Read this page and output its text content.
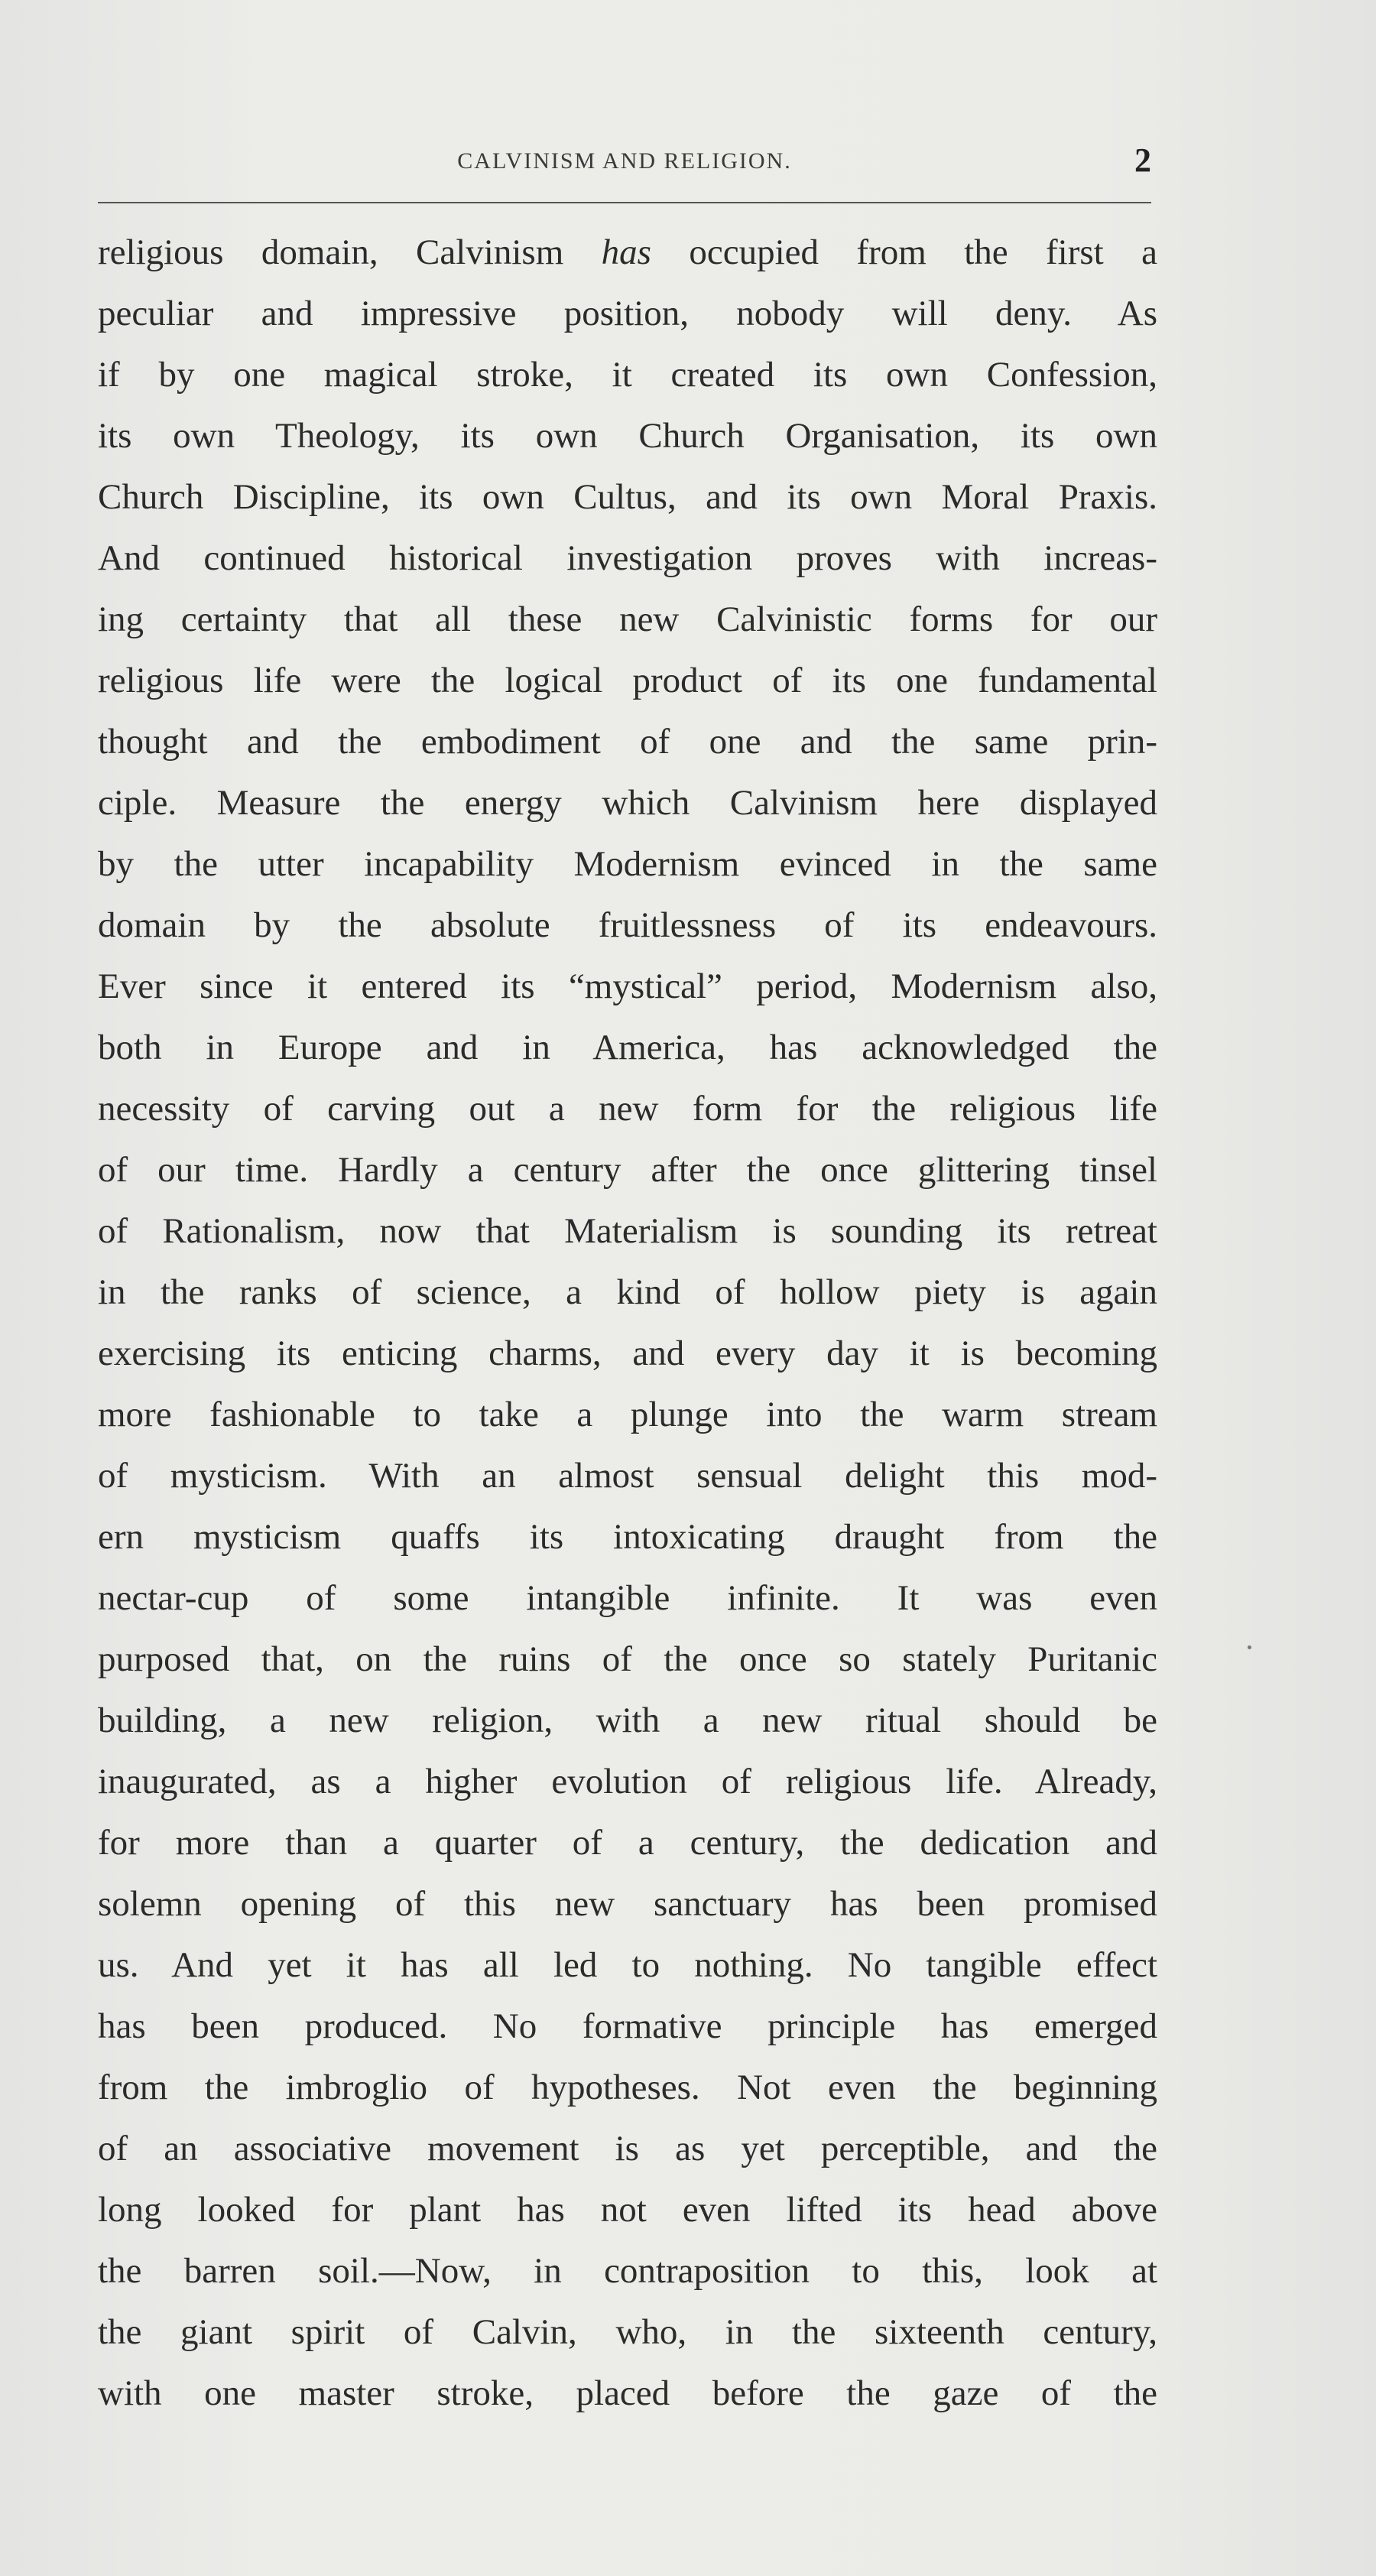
CALVINISM AND RELIGION.	2
religious domain, Calvinism has occupied from the first a
peculiar and impressive position, nobody will deny. As
if by one magical stroke, it created its own Confession,
its own Theology, its own Church Organisation, its own
Church Discipline, its own Cultus, and its own Moral Praxis.
And continued historical investigation proves with increas-
ing certainty that all these new Calvinistic forms for our
religious life were the logical product of its one fundamental
thought and the embodiment of one and the same prin-
ciple. Measure the energy which Calvinism here displayed
by the utter incapability Modernism evinced in the same
domain by the absolute fruitlessness of its endeavours.
Ever since it entered its “mystical” period, Modernism also,
both in Europe and in America, has acknowledged the
necessity of carving out a new form for the religious life
of our time. Hardly a century after the once glittering tinsel
of Rationalism, now that Materialism is sounding its retreat
in the ranks of science, a kind of hollow piety is again
exercising its enticing charms, and every day it is becoming
more fashionable to take a plunge into the warm stream
of mysticism. With an almost sensual delight this mod-
ern mysticism quaffs its intoxicating draught from the
nectar-cup of some intangible infinite. It was even
purposed that, on the ruins of the once so stately Puritanic
building, a new religion, with a new ritual should be
inaugurated, as a higher evolution of religious life. Already,
for more than a quarter of a century, the dedication and
solemn opening of this new sanctuary has been promised
us. And yet it has all led to nothing. No tangible effect
has been produced. No formative principle has emerged
from the imbroglio of hypotheses. Not even the beginning
of an associative movement is as yet perceptible, and the
long looked for plant has not even lifted its head above
the barren soil.—Now, in contraposition to this, look at
the giant spirit of Calvin, who, in the sixteenth century,
with one master stroke, placed before the gaze of the
